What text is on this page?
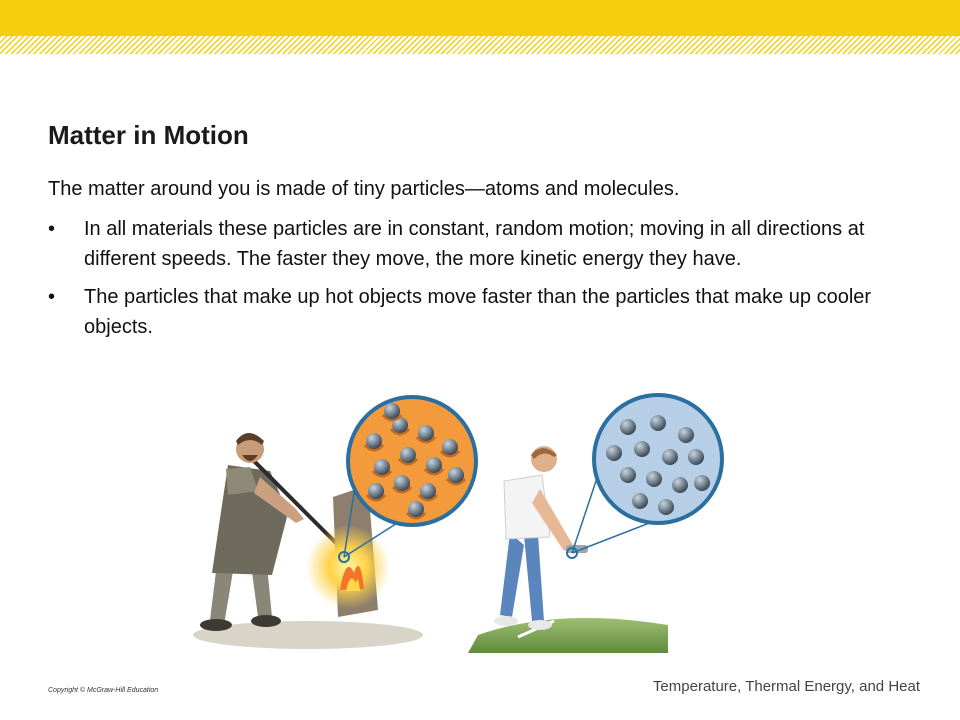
Matter in Motion

The matter around you is made of tiny particles—atoms and molecules.

• In all materials these particles are in constant, random motion; moving in all directions at different speeds. The faster they move, the more kinetic energy they have.
• The particles that make up hot objects move faster than the particles that make up cooler objects.
Copyright © McGraw-Hill Education	Temperature, Thermal Energy, and Heat
